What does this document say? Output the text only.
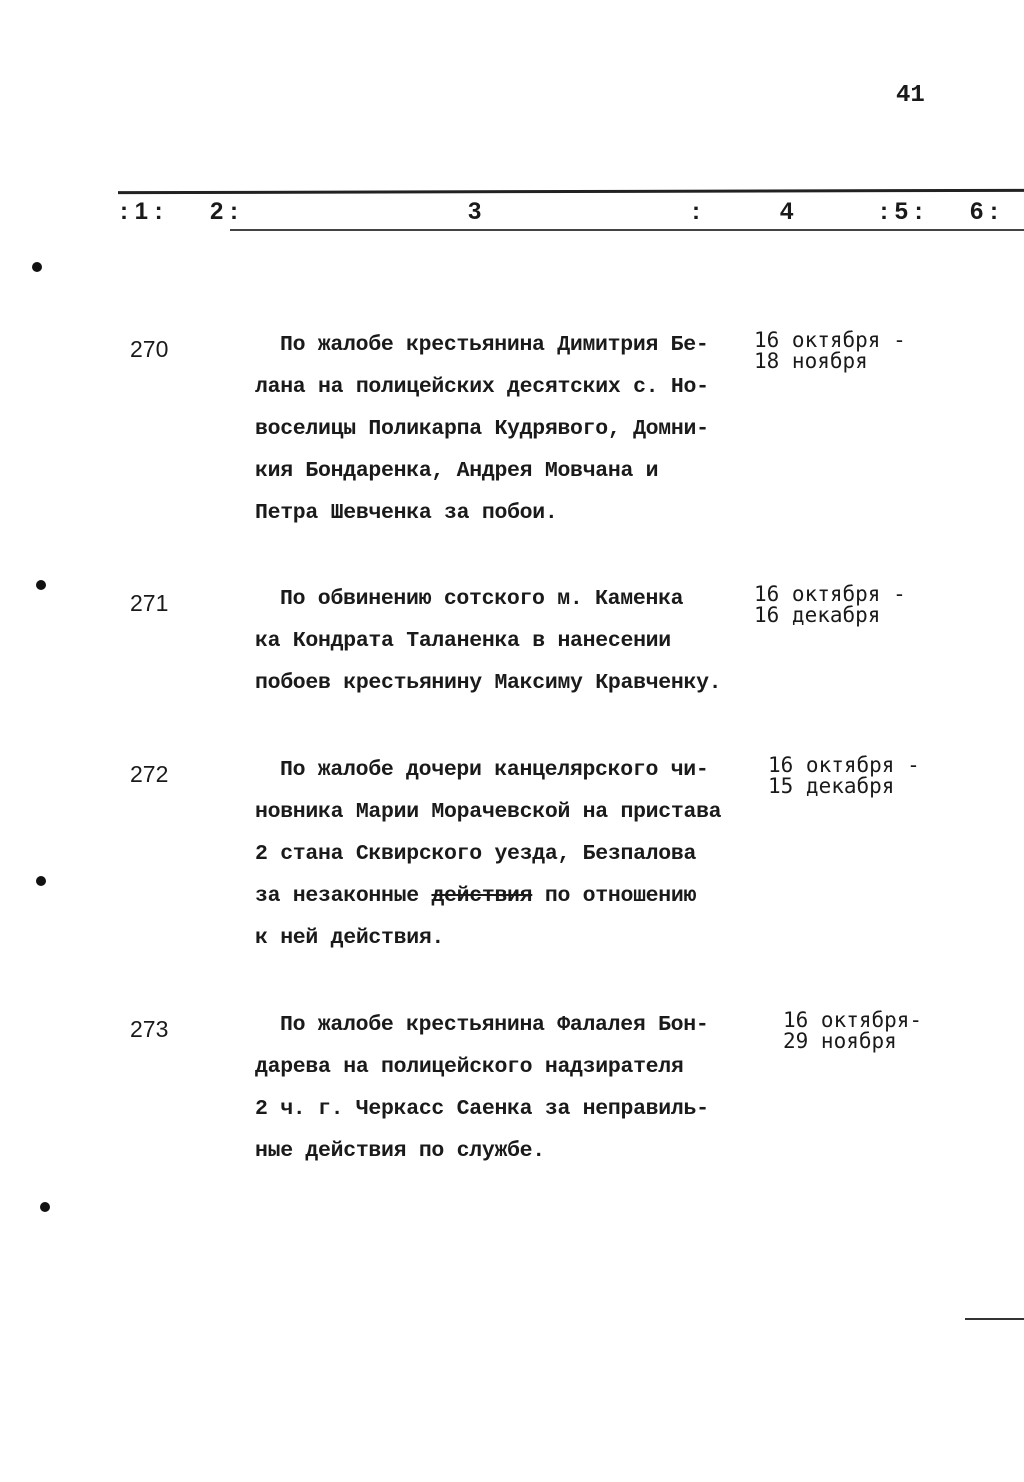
41
: 1 : 2 :	3	:	4	: 5 : 6 :
270	По жалобе крестьянина Димитрия Бе-
лана на полицейских десятских с. Но-
воселицы Поликарпа Кудрявого, Домни-
кия Бондаренка, Андрея Мовчана и
Петра Шевченка за побои.
16 октября -
18 ноября
271	По обвинению сотского м. Каменка
ка Кондрата Таланенка в нанесении
побоев крестьянину Максиму Кравченку.
16 октября -
16 декабря
272	По жалобе дочери канцелярского чи-
новника Марии Морачевской на пристава
2 стана Сквирского уезда, Безпалова
за незаконные действия по отношению
к ней действия.
16 октября -
15 декабря
273	По жалобе крестьянина Фалалея Бон-
дарева на полицейского надзирателя
2 ч. г. Черкасс Саенка за неправиль-
ные действия по службе.
16 октября-
29 ноября
